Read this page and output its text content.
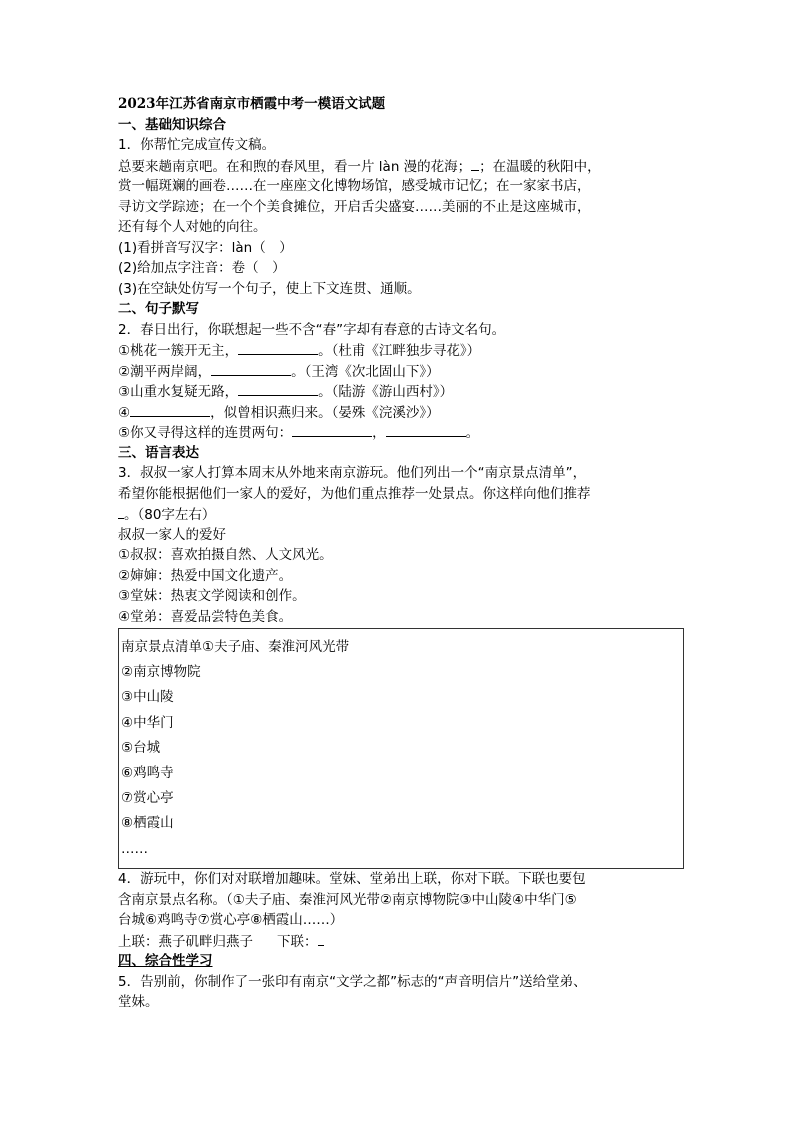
2023年江苏省南京市栖霞中考一模语文试题
一、基础知识综合
1．你帮忙完成宣传文稿。
总要来趟南京吧。在和煦的春风里，看一片 làn 漫的花海； ；在温暖的秋阳中，
赏一幅斑斓的画卷……在一座座文化博物场馆，感受城市记忆；在一家家书店，
寻访文学踪迹；在一个个美食摊位，开启舌尖盛宴……美丽的不止是这座城市，
还有每个人对她的向往。
(1)看拼音写汉字：làn（　）
(2)给加点字注音：卷（　）
(3)在空缺处仿写一个句子，使上下文连贯、通顺。
二、句子默写
2．春日出行，你联想起一些不含“春”字却有春意的古诗文名句。
①桃花一簇开无主，	。（杜甫《江畔独步寻花》）
②潮平两岸阔，	。（王湾《次北固山下》）
③山重水复疑无路，	。（陆游《游山西村》）
④	，似曾相识燕归来。（晏殊《浣溪沙》）
⑤你又寻得这样的连贯两句：	，	。
三、语言表达
3．叔叔一家人打算本周末从外地来南京游玩。他们列出一个“南京景点清单”，
希望你能根据他们一家人的爱好，为他们重点推荐一处景点。你这样向他们推荐
。（80字左右）
叔叔一家人的爱好
①叔叔：喜欢拍摄自然、人文风光。
②婶婶：热爱中国文化遗产。
③堂妹：热衷文学阅读和创作。
④堂弟：喜爱品尝特色美食。
南京景点清单①夫子庙、秦淮河风光带
②南京博物院
③中山陵
④中华门
⑤台城
⑥鸡鸣寺
⑦赏心亭
⑧栖霞山
……
4．游玩中，你们对对联增加趣味。堂妹、堂弟出上联，你对下联。下联也要包
含南京景点名称。（①夫子庙、秦淮河风光带②南京博物院③中山陵④中华门⑤
台城⑥鸡鸣寺⑦赏心亭⑧栖霞山……）
上联：燕子矶畔归燕子 下联：
四、综合性学习
5．告别前，你制作了一张印有南京“文学之都”标志的“声音明信片”送给堂弟、
堂妹。
